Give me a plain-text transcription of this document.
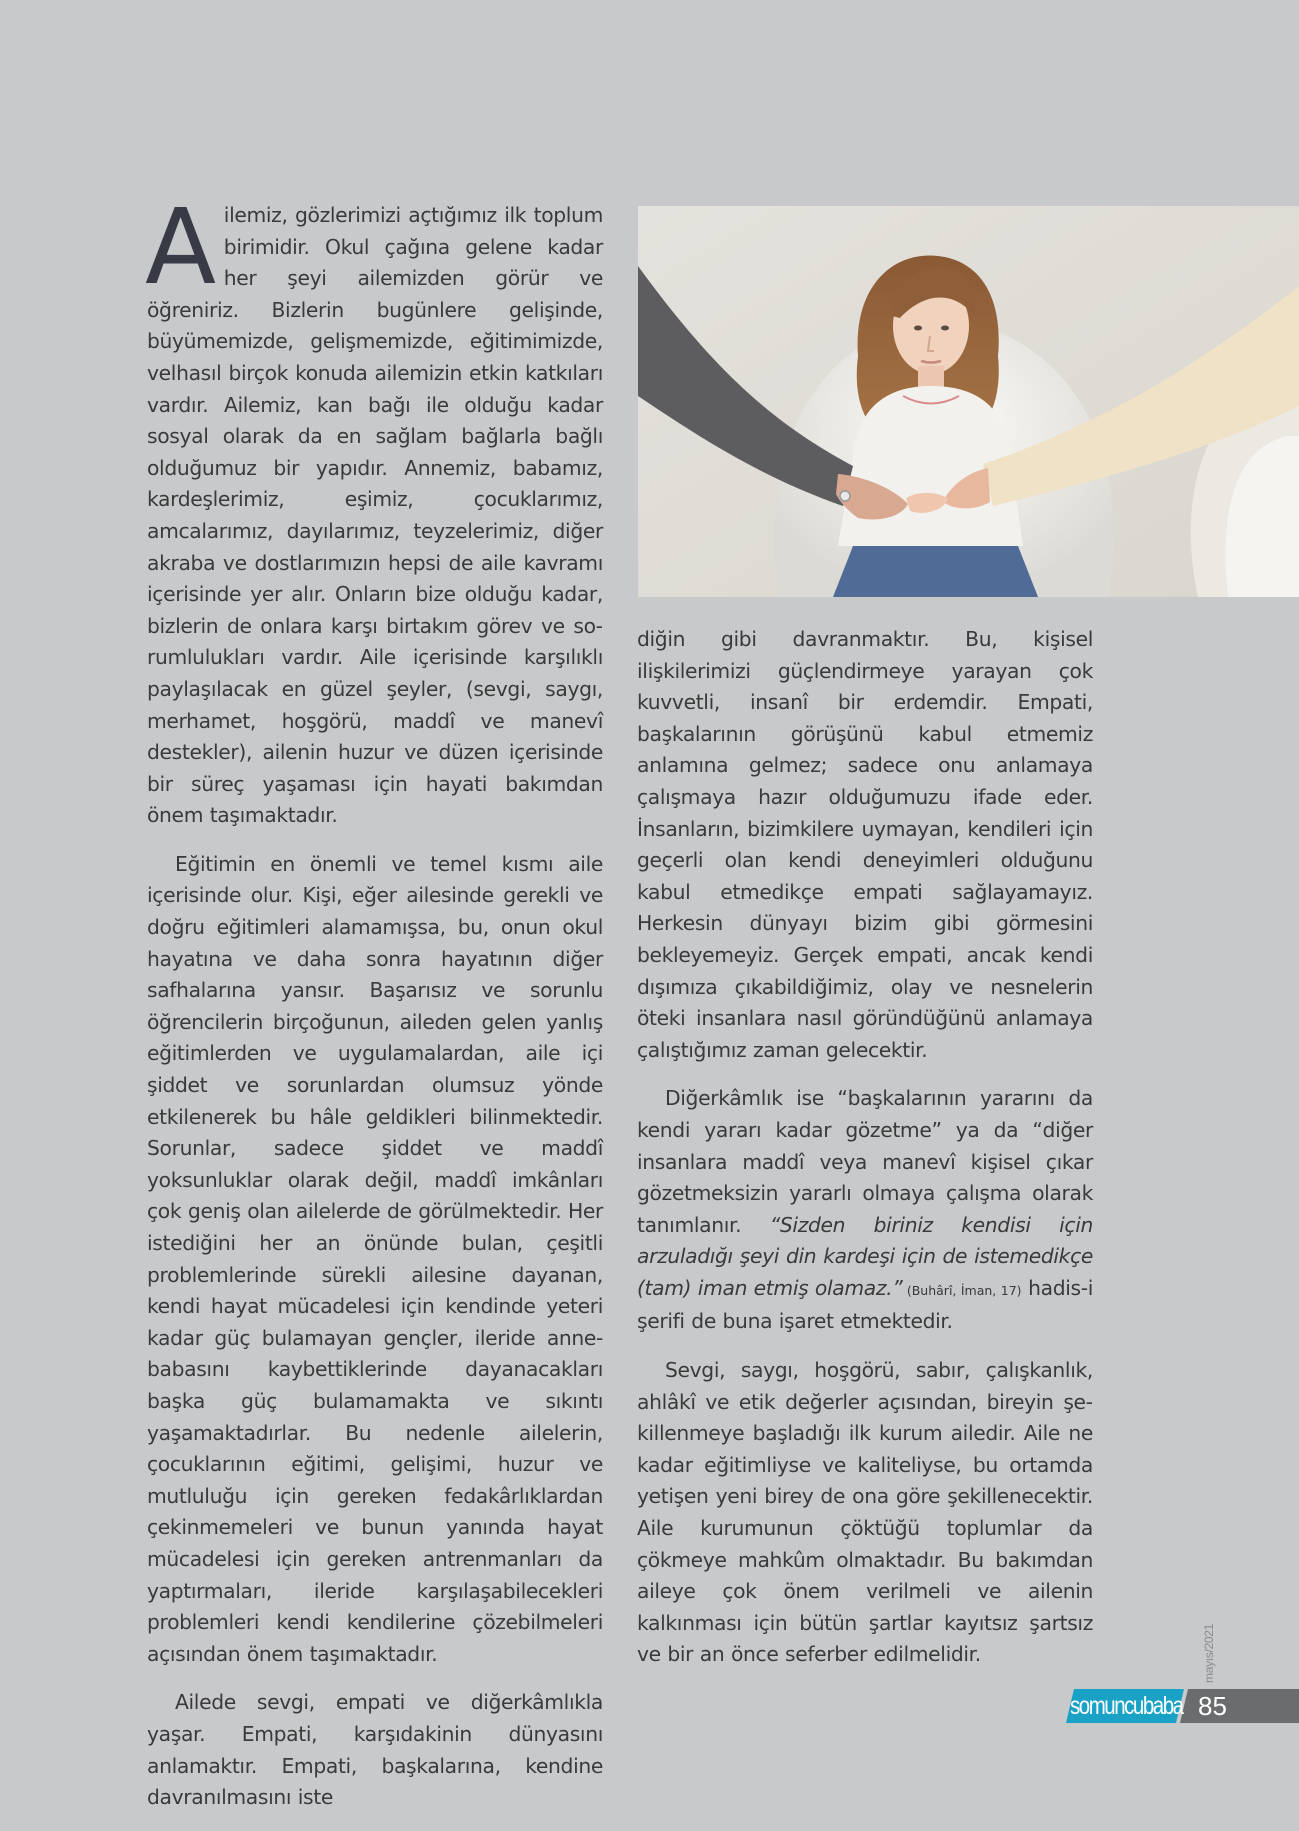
Ailemiz, gözlerimizi açtığımız ilk toplum birimidir. Okul çağına gelene kadar her şeyi ailemizden görür ve öğreniriz. Bizlerin bugünlere gelişinde, büyümemizde, gelişmemizde, eğitimimizde, velhasıl birçok konuda ailemizin etkin katkıları vardır. Ailemiz, kan bağı ile olduğu kadar sosyal olarak da en sağlam bağlarla bağlı olduğumuz bir yapıdır. Annemiz, babamız, kardeşlerimiz, eşimiz, çocuklarımız, amcalarımız, dayılarımız, teyzelerimiz, diğer akraba ve dostlarımızın hepsi de aile kavramı içerisinde yer alır. Onların bize olduğu kadar, bizlerin de onlara karşı birtakım görev ve sorumlulukları vardır. Aile içerisinde karşılıklı paylaşılacak en güzel şeyler, (sevgi, saygı, merhamet, hoşgörü, maddî ve manevî destekler), ailenin huzur ve düzen içerisinde bir süreç yaşaması için hayati bakımdan önem taşımaktadır.

Eğitimin en önemli ve temel kısmı aile içerisinde olur. Kişi, eğer ailesinde gerekli ve doğru eğitimleri alamamışsa, bu, onun okul hayatına ve daha sonra hayatının diğer safhalarına yansır. Başarısız ve sorunlu öğrencilerin birçoğunun, aileden gelen yanlış eğitimlerden ve uygulamalardan, aile içi şiddet ve sorunlardan olumsuz yönde etkilenerek bu hâle geldikleri bilinmektedir. Sorunlar, sadece şiddet ve maddî yoksunluklar olarak değil, maddî imkânları çok geniş olan ailelerde de görülmektedir. Her istediğini her an önünde bulan, çeşitli problemlerinde sürekli ailesine dayanan, kendi hayat mücadelesi için kendinde yeteri kadar güç bulamayan gençler, ileride anne-babasını kaybettiklerinde dayanacakları başka güç bulamamakta ve sıkıntı yaşamaktadırlar. Bu nedenle ailelerin, çocuklarının eğitimi, gelişimi, huzur ve mutluluğu için gereken fedakârlıklardan çekinmemeleri ve bunun yanında hayat mücadelesi için gereken antrenmanları da yaptırmaları, ileride karşılaşabilecekleri problemleri kendi kendilerine çözebilmeleri açısından önem taşımaktadır.

Ailede sevgi, empati ve diğerkâmlıkla yaşar. Empati, karşıdakinin dünyasını anlamaktır. Empati, başkalarına, kendine davranılmasını iste

diğin gibi davranmaktır. Bu, kişisel ilişkilerimizi güçlendirmeye yarayan çok kuvvetli, insanî bir erdemdir. Empati, başkalarının görüşünü kabul etmemiz anlamına gelmez; sadece onu anlamaya çalışmaya hazır olduğumuzu ifade eder. İnsanların, bizimkilere uymayan, kendileri için geçerli olan kendi deneyimleri olduğunu kabul etmedikçe empati sağlayamayız. Herkesin dünyayı bizim gibi görmesini bekleyemeyiz. Gerçek empati, ancak kendi dışımıza çıkabildiğimiz, olay ve nesnelerin öteki insanlara nasıl göründüğünü anlamaya çalıştığımız zaman gelecektir.

Diğerkâmlık ise “başkalarının yararını da kendi yararı kadar gözetme” ya da “diğer insanlara maddî veya manevî kişisel çıkar gözetmeksizin yararlı olmaya çalışma olarak tanımlanır. “Sizden biriniz kendisi için arzuladığı şeyi din kardeşi için de istemedikçe (tam) iman etmiş olamaz.” (Buhârî, İman, 17) hadis-i şerifi de buna işaret etmektedir.

Sevgi, saygı, hoşgörü, sabır, çalışkanlık, ahlâkî ve etik değerler açısından, bireyin şekillenmeye başladığı ilk kurum ailedir. Aile ne kadar eğitimliyse ve kaliteliyse, bu ortamda yetişen yeni birey de ona göre şekillenecektir. Aile kurumunun çöktüğü toplumlar da çökmeye mahkûm olmaktadır. Bu bakımdan aileye çok önem verilmeli ve ailenin kalkınması için bütün şartlar kayıtsız şartsız ve bir an önce seferber edilmelidir.	mayıs/2021
somuncubaba 85
